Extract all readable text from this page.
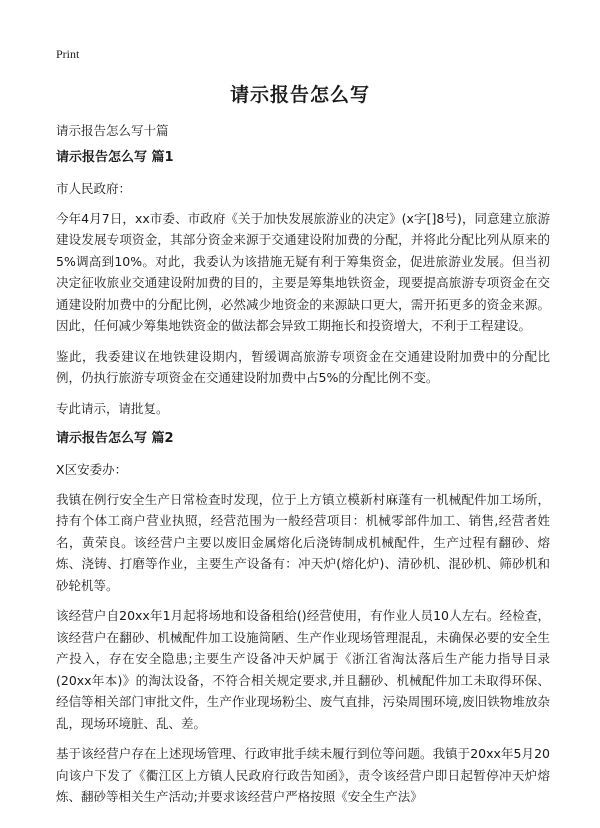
Print
请示报告怎么写

请示报告怎么写十篇

请示报告怎么写 篇1

市人民政府：

今年4月7日，xx市委、市政府《关于加快发展旅游业的决定》(x字[]8号)，同意建立旅游建设发展专项资金，其部分资金来源于交通建设附加费的分配，并将此分配比列从原来的5%调高到10%。对此，我委认为该措施无疑有利于筹集资金，促进旅游业发展。但当初决定征收旅业交通建设附加费的目的，主要是筹集地铁资金，现要提高旅游专项资金在交通建设附加费中的分配比例，必然减少地资金的来源缺口更大，需开拓更多的资金来源。因此，任何减少筹集地铁资金的做法都会异致工期拖长和投资增大，不利于工程建设。

鉴此，我委建议在地铁建设期内，暂缓调高旅游专项资金在交通建设附加费中的分配比例，仍执行旅游专项资金在交通建设附加费中占5%的分配比例不变。

专此请示，请批复。

请示报告怎么写 篇2

X区安委办：

我镇在例行安全生产日常检查时发现，位于上方镇立模新村麻蓬有一机械配件加工场所，持有个体工商户营业执照，经营范围为一般经营项目：机械零部件加工、销售,经营者姓名，黄荣良。该经营户主要以废旧金属熔化后浇铸制成机械配件，生产过程有翻砂、熔炼、浇铸、打磨等作业，主要生产设备有：冲天炉(熔化炉)、清砂机、混砂机、筛砂机和砂轮机等。

该经营户自20xx年1月起将场地和设备租给()经营使用，有作业人员10人左右。经检查，该经营户在翻砂、机械配件加工设施简陋、生产作业现场管理混乱，未确保必要的安全生产投入，存在安全隐患;主要生产设备冲天炉属于《浙江省淘汰落后生产能力指导目录(20xx年本)》的淘汰设备，不符合相关规定要求,并且翻砂、机械配件加工未取得环保、经信等相关部门审批文件，生产作业现场粉尘、废气直排，污染周围环境,废旧铁物堆放杂乱，现场环境脏、乱、差。

基于该经营户存在上述现场管理、行政审批手续未履行到位等问题。我镇于20xx年5月20向该户下发了《衢江区上方镇人民政府行政告知函》，责令该经营户即日起暂停冲天炉熔炼、翻砂等相关生产活动;并要求该经营户严格按照《安全生产法》
